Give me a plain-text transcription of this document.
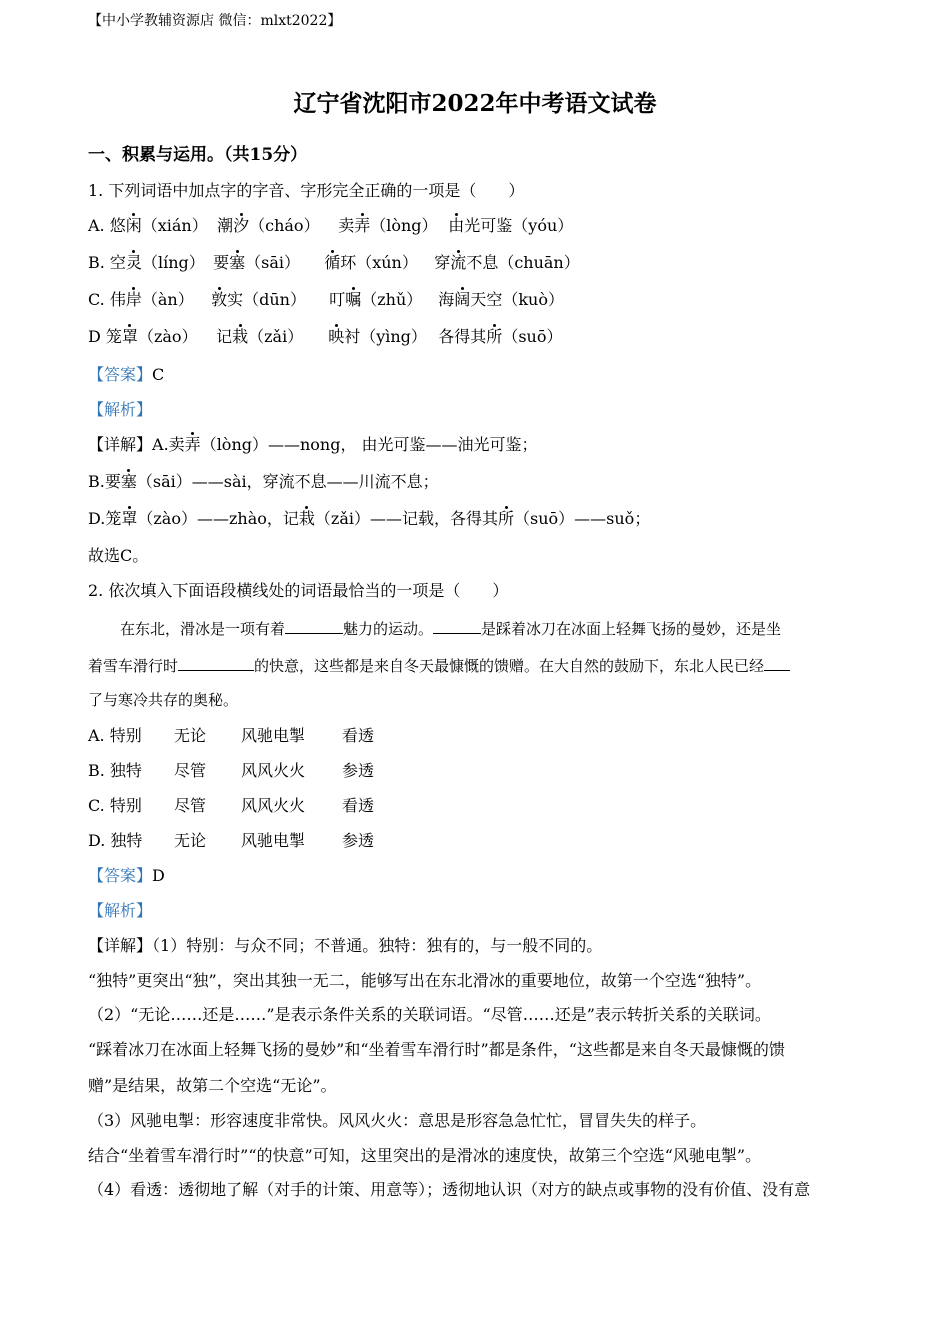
【中小学教辅资源店 微信：mlxt2022】
辽宁省沈阳市2022年中考语文试卷
一、积累与运用。（共15分）
1. 下列词语中加点字的字音、字形完全正确的一项是（　　）
A. 悠闲（xián） 潮汐（cháo） 卖弄（lòng） 由光可鉴（yóu）
B. 空灵（líng） 要塞（sāi） 循环（xún） 穿流不息（chuān）
C. 伟岸（àn） 敦实（dūn） 叮嘱（zhǔ） 海阔天空（kuò）
D 笼罩（zào） 记栽（zǎi） 映衬（yìng） 各得其所（suō）
【答案】C
【解析】
【详解】A.卖弄（lòng）——nong， 由光可鉴——油光可鉴；
B.要塞（sāi）——sài，穿流不息——川流不息；
D.笼罩（zào）——zhào，记栽（zǎi）——记载，各得其所（suō）——suǒ；
故选C。
2. 依次填入下面语段横线处的词语最恰当的一项是（　　）
在东北，滑冰是一项有着	魅力的运动。	是踩着冰刀在冰面上轻舞飞扬的曼妙，还是坐
着雪车滑行时	的快意，这些都是来自冬天最慷慨的馈赠。在大自然的鼓励下，东北人民已经
了与寒冷共存的奥秘。
A. 特别 无论 风驰电掣 看透
B. 独特 尽管 风风火火 参透
C. 特别 尽管 风风火火 看透
D. 独特 无论 风驰电掣 参透
【答案】D
【解析】
【详解】（1）特别：与众不同；不普通。独特：独有的，与一般不同的。
“独特”更突出“独”，突出其独一无二，能够写出在东北滑冰的重要地位，故第一个空选“独特”。
（2）“无论……还是……”是表示条件关系的关联词语。“尽管……还是”表示转折关系的关联词。
“踩着冰刀在冰面上轻舞飞扬的曼妙”和“坐着雪车滑行时”都是条件，“这些都是来自冬天最慷慨的馈
赠”是结果，故第二个空选“无论”。
（3）风驰电掣：形容速度非常快。风风火火：意思是形容急急忙忙，冒冒失失的样子。
结合“坐着雪车滑行时”“的快意”可知，这里突出的是滑冰的速度快，故第三个空选“风驰电掣”。
（4）看透：透彻地了解（对手的计策、用意等）；透彻地认识（对方的缺点或事物的没有价值、没有意
